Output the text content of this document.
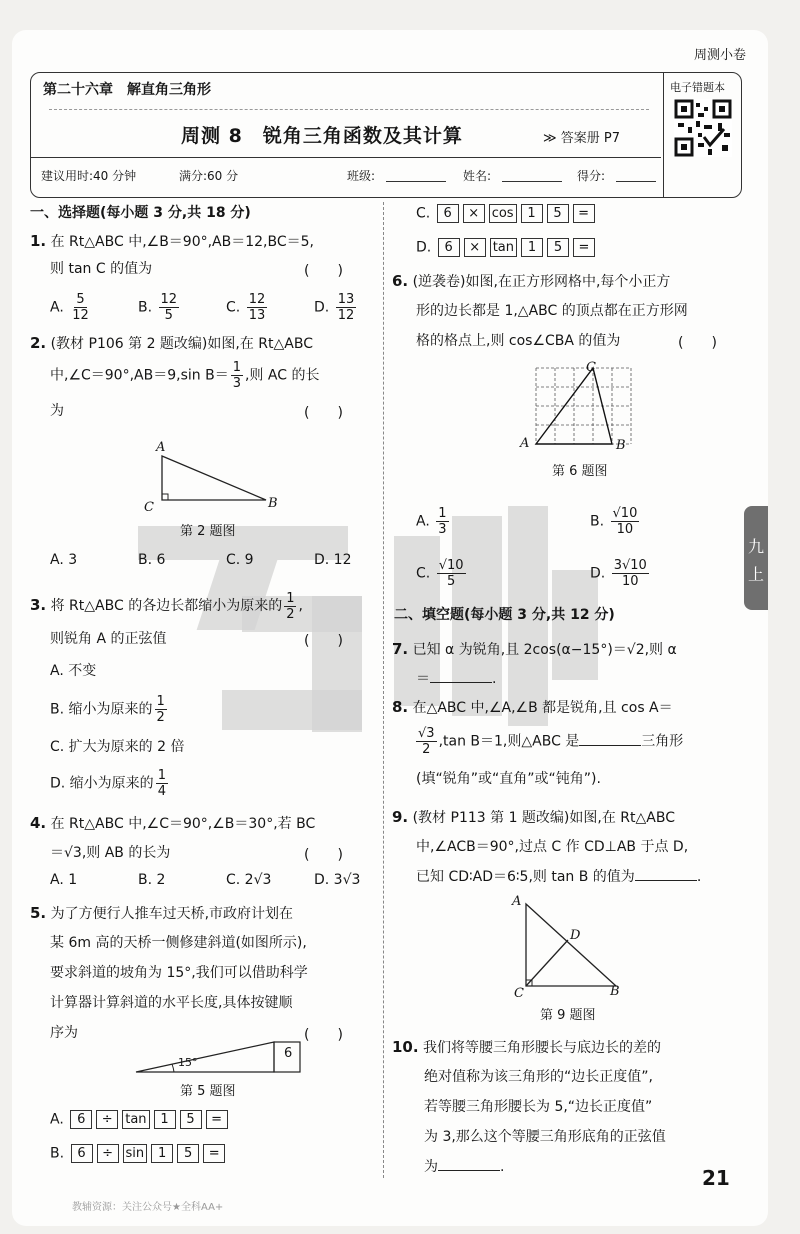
周测小卷
第二十六章　解直角三角形
周测 8　锐角三角函数及其计算	≫ 答案册 P7
建议用时:40 分钟	满分:60 分	班级:	姓名:	得分:
电子错题本
九
上
一、选择题(每小题 3 分,共 18 分)
1. 在 Rt△ABC 中,∠B＝90°,AB＝12,BC＝5,
则 tan C 的值为	(　　)
A. $\frac{5}{12}$	B. $\frac{12}{5}$	C. $\frac{12}{13}$	D. $\frac{13}{12}$
2. (教材 P106 第 2 题改编)如图,在 Rt△ABC
中,∠C＝90°,AB＝9,sin $B= \frac{1}{3}$ ,则 AC 的长
为	(　　)
A
C	B
第 2 题图
A. 3	B. 6	C. 9	D. 12
3. 将 Rt△ABC 的各边长都缩小为原来的 $\frac{1}{2}$ ,
则锐角 A 的正弦值	(　　)
A. 不变
B. 缩小为原来的 $\frac{1}{2}$
C. 扩大为原来的 2 倍
D. 缩小为原来的 $\frac{1}{4}$
4. 在 Rt△ABC 中,∠C＝90°,∠B＝30°,若 BC
＝√3,则 AB 的长为	(　　)
A. 1	B. 2	C. 2√3	D. 3√3
5. 为了方便行人推车过天桥,市政府计划在
某 6m 高的天桥一侧修建斜道(如图所示),
要求斜道的坡角为 15°,我们可以借助科学
计算器计算斜道的水平长度,具体按键顺
序为	(　　)
15°
6
第 5 题图
A. 6 ÷ tan 1 5 =
B. 6 ÷ sin 1 5 =
C. 6 × cos 1 5 =
D. 6 × tan 1 5 =
6. (逆袭卷)如图,在正方形网格中,每个小正方
形的边长都是 1,△ABC 的顶点都在正方形网
格的格点上,则 cos∠CBA 的值为	(　　)
A
C
B
第 6 题图
A. $\frac{1}{3}$	B. $\frac{√10}{10}$
C. $\frac{√10}{5}$	D. $\frac{3√10}{10}$
二、填空题(每小题 3 分,共 12 分)
7. 已知 α 为锐角,且 2cos(α−15°)＝√2,则 α
＝	.
8. 在△ABC 中,∠A,∠B 都是锐角,且 cos A＝
$\frac{√3}{2} ,\tan$ B＝1,则△ABC 是	三角形
(填“锐角”或“直角”或“钝角”).
9. (教材 P113 第 1 题改编)如图,在 Rt△ABC
中,∠ACB＝90°,过点 C 作 CD⊥AB 于点 D,
已知 CD∶AD＝6∶5,则 tan B 的值为	.
A
D
C	B
第 9 题图
10. 我们将等腰三角形腰长与底边长的差的
绝对值称为该三角形的“边长正度值”,
若等腰三角形腰长为 5,“边长正度值”
为 3,那么这个等腰三角形底角的正弦值
为	.
教辅资源：关注公众号★全科AA+
21
